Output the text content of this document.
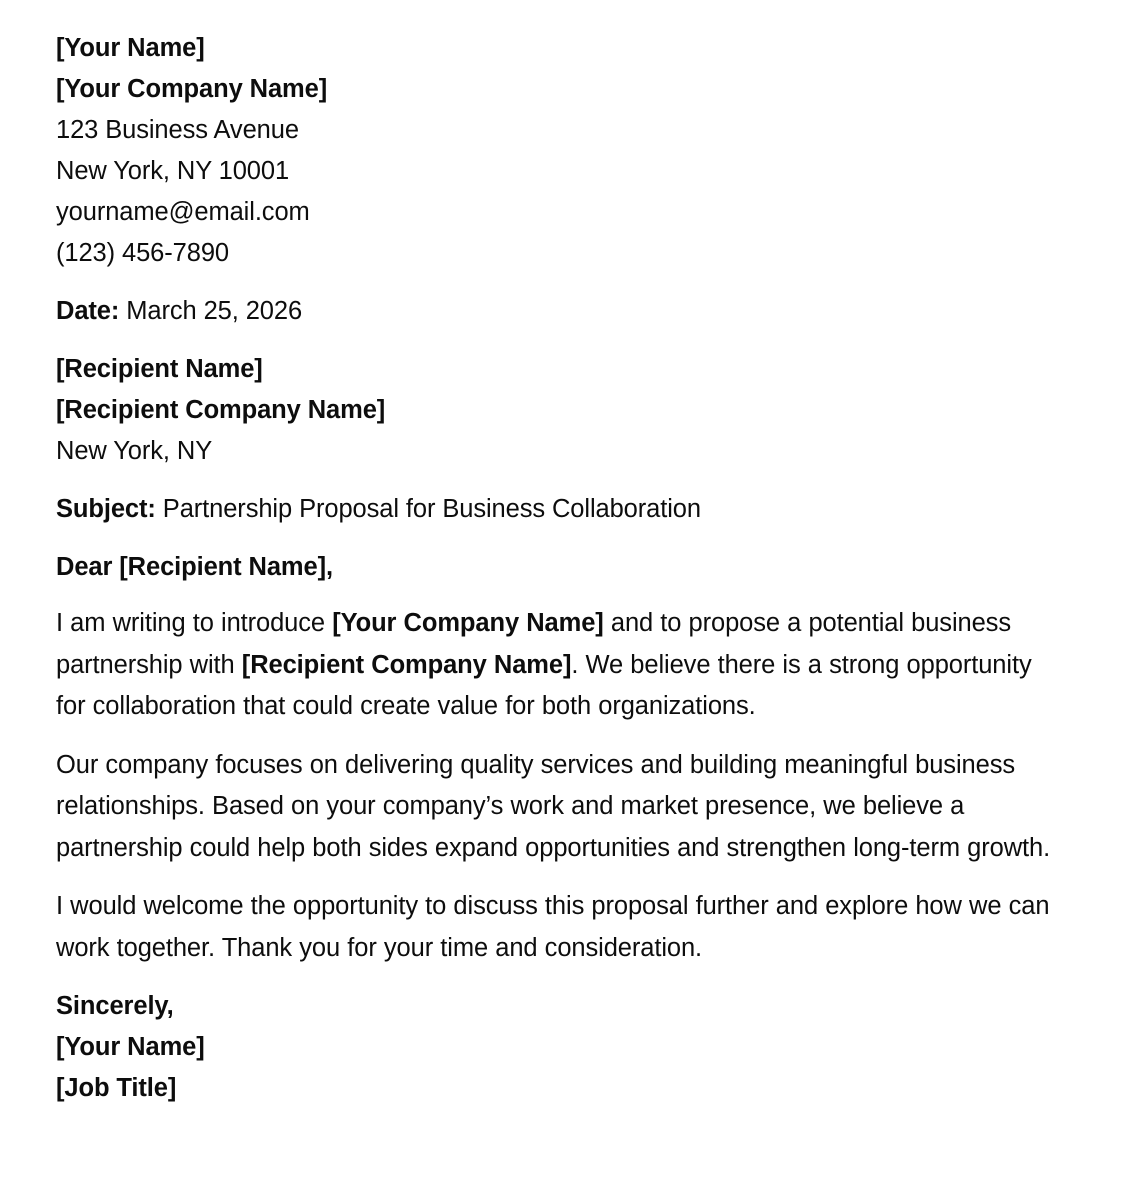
[Your Name]
[Your Company Name]
123 Business Avenue
New York, NY 10001
yourname@email.com
(123) 456-7890
Date: March 25, 2026
[Recipient Name]
[Recipient Company Name]
New York, NY
Subject: Partnership Proposal for Business Collaboration
Dear [Recipient Name],

I am writing to introduce [Your Company Name] and to propose a potential business partnership with [Recipient Company Name]. We believe there is a strong opportunity for collaboration that could create value for both organizations.

Our company focuses on delivering quality services and building meaningful business relationships. Based on your company’s work and market presence, we believe a partnership could help both sides expand opportunities and strengthen long-term growth.

I would welcome the opportunity to discuss this proposal further and explore how we can work together. Thank you for your time and consideration.

Sincerely,
[Your Name]
[Job Title]
